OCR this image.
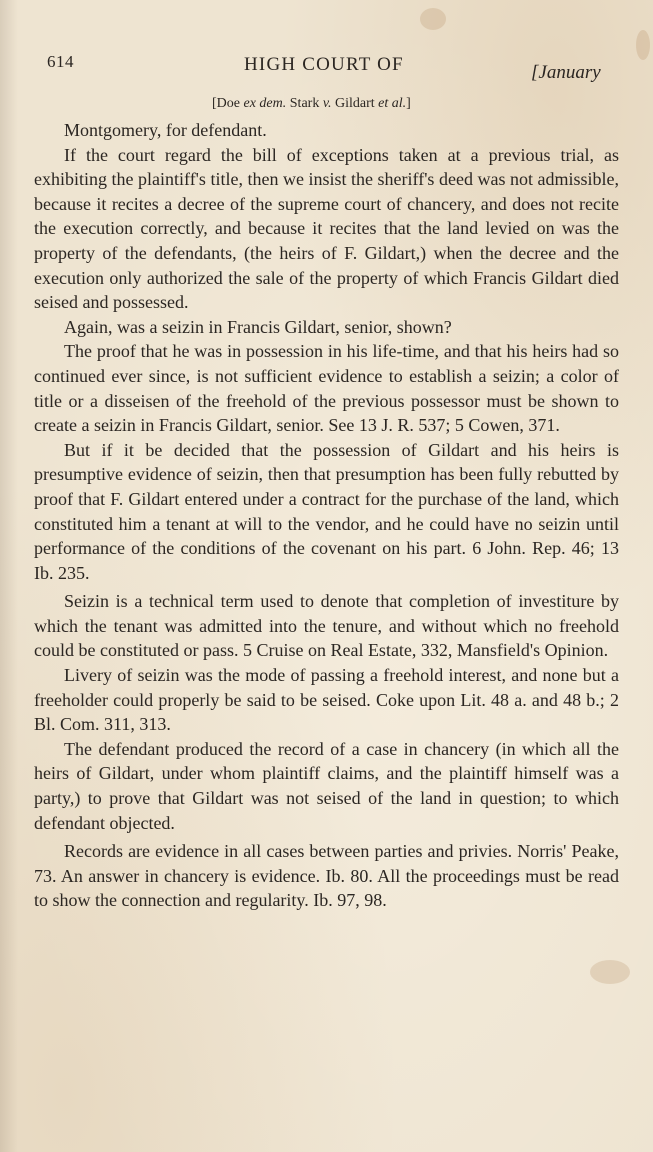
614	HIGH COURT OF	[January
[Doe ex dem. Stark v. Gildart et al.]

Montgomery, for defendant.

If the court regard the bill of exceptions taken at a previous trial, as exhibiting the plaintiff's title, then we insist the sheriff's deed was not admissible, because it recites a decree of the supreme court of chancery, and does not recite the execution correctly, and because it recites that the land levied on was the property of the defendants, (the heirs of F. Gildart,) when the decree and the execution only authorized the sale of the property of which Francis Gildart died seised and possessed.

Again, was a seizin in Francis Gildart, senior, shown?

The proof that he was in possession in his life-time, and that his heirs had so continued ever since, is not sufficient evidence to establish a seizin; a color of title or a disseisen of the freehold of the previous possessor must be shown to create a seizin in Francis Gildart, senior. See 13 J. R. 537; 5 Cowen, 371.

But if it be decided that the possession of Gildart and his heirs is presumptive evidence of seizin, then that presumption has been fully rebutted by proof that F. Gildart entered under a contract for the purchase of the land, which constituted him a tenant at will to the vendor, and he could have no seizin until performance of the conditions of the covenant on his part. 6 John. Rep. 46; 13 Ib. 235.

Seizin is a technical term used to denote that completion of investiture by which the tenant was admitted into the tenure, and without which no freehold could be constituted or pass. 5 Cruise on Real Estate, 332, Mansfield's Opinion.

Livery of seizin was the mode of passing a freehold interest, and none but a freeholder could properly be said to be seised. Coke upon Lit. 48 a. and 48 b.; 2 Bl. Com. 311, 313.

The defendant produced the record of a case in chancery (in which all the heirs of Gildart, under whom plaintiff claims, and the plaintiff himself was a party,) to prove that Gildart was not seised of the land in question; to which defendant objected.

Records are evidence in all cases between parties and privies. Norris' Peake, 73. An answer in chancery is evidence. Ib. 80. All the proceedings must be read to show the connection and regularity. Ib. 97, 98.
